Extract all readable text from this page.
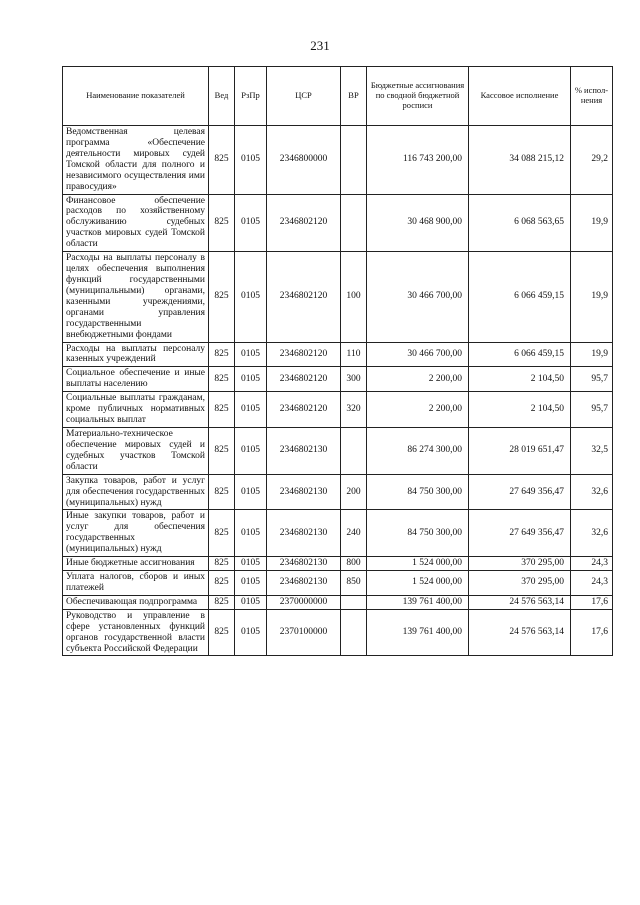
231
Наименование показателей	Вед	РзПр	ЦСР	ВР	Бюджетные ассигнования по сводной бюджетной росписи	Кассовое исполнение	% испол-нения
Ведомственная целевая программа «Обеспечение деятельности мировых судей Томской области для полного и независимого осуществления ими правосудия»	825	0105	2346800000		116 743 200,00	34 088 215,12	29,2
Финансовое обеспечение расходов по хозяйственному обслуживанию судебных участков мировых судей Томской области	825	0105	2346802120		30 468 900,00	6 068 563,65	19,9
Расходы на выплаты персоналу в целях обеспечения выполнения функций государственными (муниципальными) органами, казенными учреждениями, органами управления государственными внебюджетными фондами	825	0105	2346802120	100	30 466 700,00	6 066 459,15	19,9
Расходы на выплаты персоналу казенных учреждений	825	0105	2346802120	110	30 466 700,00	6 066 459,15	19,9
Социальное обеспечение и иные выплаты населению	825	0105	2346802120	300	2 200,00	2 104,50	95,7
Социальные выплаты гражданам, кроме публичных нормативных социальных выплат	825	0105	2346802120	320	2 200,00	2 104,50	95,7
Материально-техническое обеспечение мировых судей и судебных участков Томской области	825	0105	2346802130		86 274 300,00	28 019 651,47	32,5
Закупка товаров, работ и услуг для обеспечения государственных (муниципальных) нужд	825	0105	2346802130	200	84 750 300,00	27 649 356,47	32,6
Иные закупки товаров, работ и услуг для обеспечения государственных (муниципальных) нужд	825	0105	2346802130	240	84 750 300,00	27 649 356,47	32,6
Иные бюджетные ассигнования	825	0105	2346802130	800	1 524 000,00	370 295,00	24,3
Уплата налогов, сборов и иных платежей	825	0105	2346802130	850	1 524 000,00	370 295,00	24,3
Обеспечивающая подпрограмма	825	0105	2370000000		139 761 400,00	24 576 563,14	17,6
Руководство и управление в сфере установленных функций органов государственной власти субъекта Российской Федерации	825	0105	2370100000		139 761 400,00	24 576 563,14	17,6
